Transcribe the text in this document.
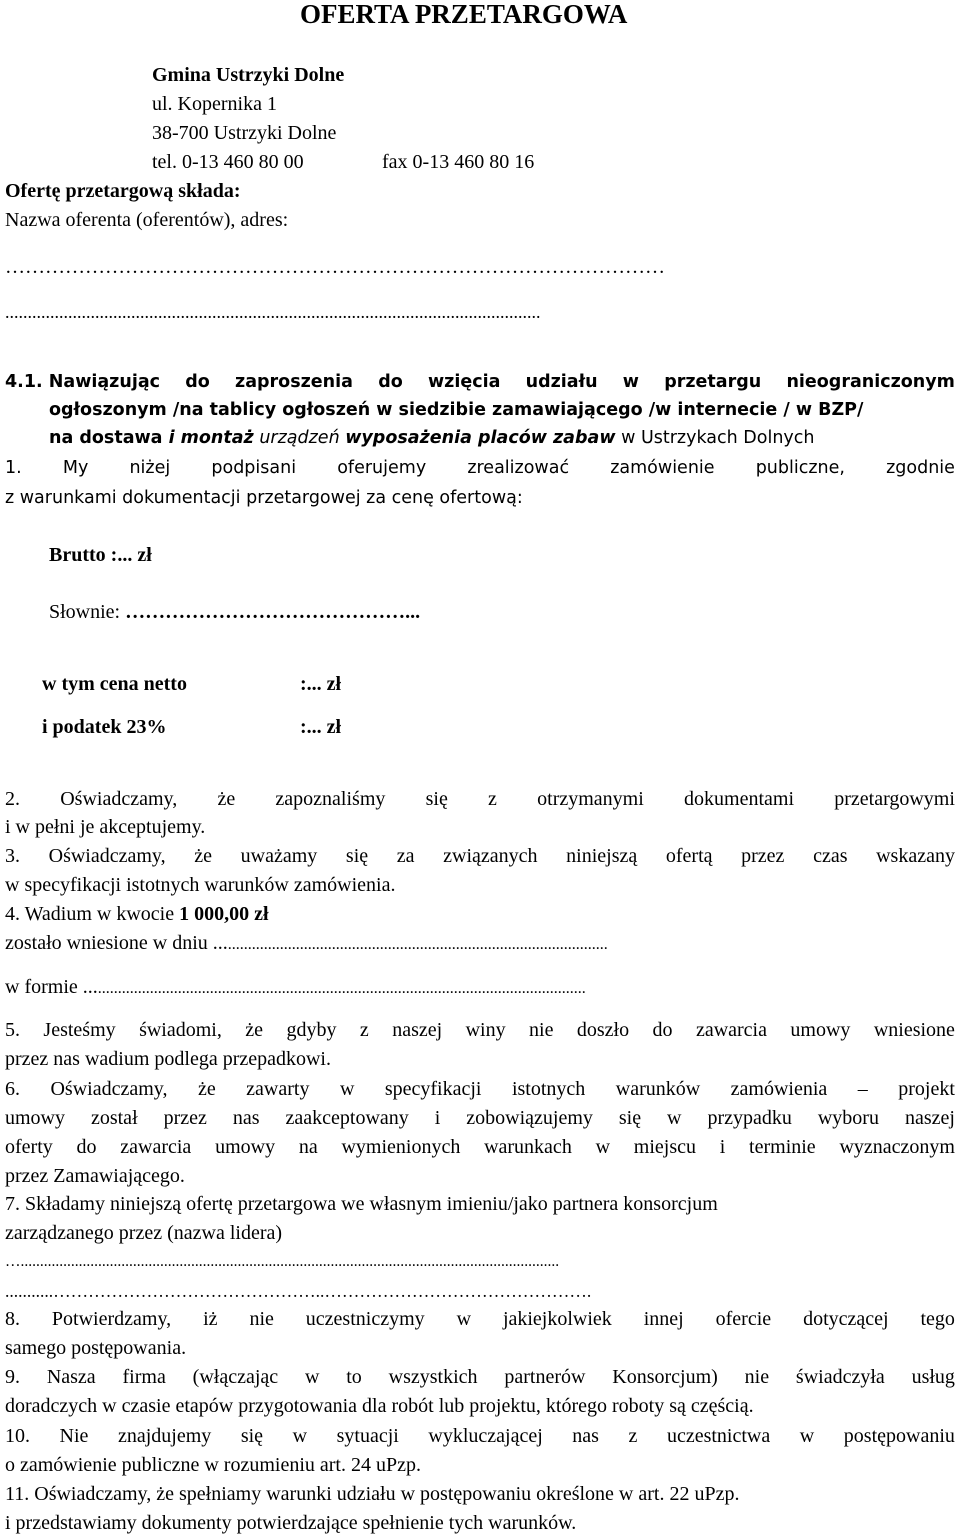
OFERTA PRZETARGOWA
Gmina Ustrzyki Dolne
ul. Kopernika 1
38-700 Ustrzyki Dolne
tel. 0-13 460 80 00	fax 0-13 460 80 16
Ofertę przetargową składa:
Nazwa oferenta (oferentów), adres:
………………………………………………………………………………………
.......................................................................................................................
4.1. Nawiązując do zaproszenia do wzięcia udziału w przetargu nieograniczonym
ogłoszonym /na tablicy ogłoszeń w siedzibie zamawiającego /w internecie / w BZP/
na dostawa i montaż urządzeń wyposażenia placów zabaw w Ustrzykach Dolnych
1. My niżej podpisani oferujemy zrealizować zamówienie publiczne, zgodnie
z warunkami dokumentacji przetargowej za cenę ofertową:
Brutto :... zł
Słownie: ……………………………………...
w tym cena netto	:... zł
i podatek 23%	:... zł
2. Oświadczamy, że zapoznaliśmy się z otrzymanymi dokumentami przetargowymi
i w pełni je akceptujemy.
3. Oświadczamy, że uważamy się za związanych niniejszą ofertą przez czas wskazany
w specyfikacji istotnych warunków zamówienia.
4. Wadium w kwocie 1 000,00 zł
zostało wniesione w dniu ..................................................................................................
w formie .............................................................................................................................
5. Jesteśmy świadomi, że gdyby z naszej winy nie doszło do zawarcia umowy wniesione
przez nas wadium podlega przepadkowi.
6. Oświadczamy, że zawarty w specyfikacji istotnych warunków zamówienia – projekt
umowy został przez nas zaakceptowany i zobowiązujemy się w przypadku wyboru naszej
oferty do zawarcia umowy na wymienionych warunkach w miejscu i terminie wyznaczonym
przez Zamawiającego.
7. Składamy niniejszą ofertę przetargowa we własnym imieniu/jako partnera konsorcjum
zarządzanego przez (nazwa lidera)
…...........................................................................................................................................
...........………………………………………..……………………………………….
8. Potwierdzamy, iż nie uczestniczymy w jakiejkolwiek innej ofercie dotyczącej tego
samego postępowania.
9. Nasza firma (włączając w to wszystkich partnerów Konsorcjum) nie świadczyła usług
doradczych w czasie etapów przygotowania dla robót lub projektu, którego roboty są częścią.
10. Nie znajdujemy się w sytuacji wykluczającej nas z uczestnictwa w postępowaniu
o zamówienie publiczne w rozumieniu art. 24 uPzp.
11. Oświadczamy, że spełniamy warunki udziału w postępowaniu określone w art. 22 uPzp.
i przedstawiamy dokumenty potwierdzające spełnienie tych warunków.
